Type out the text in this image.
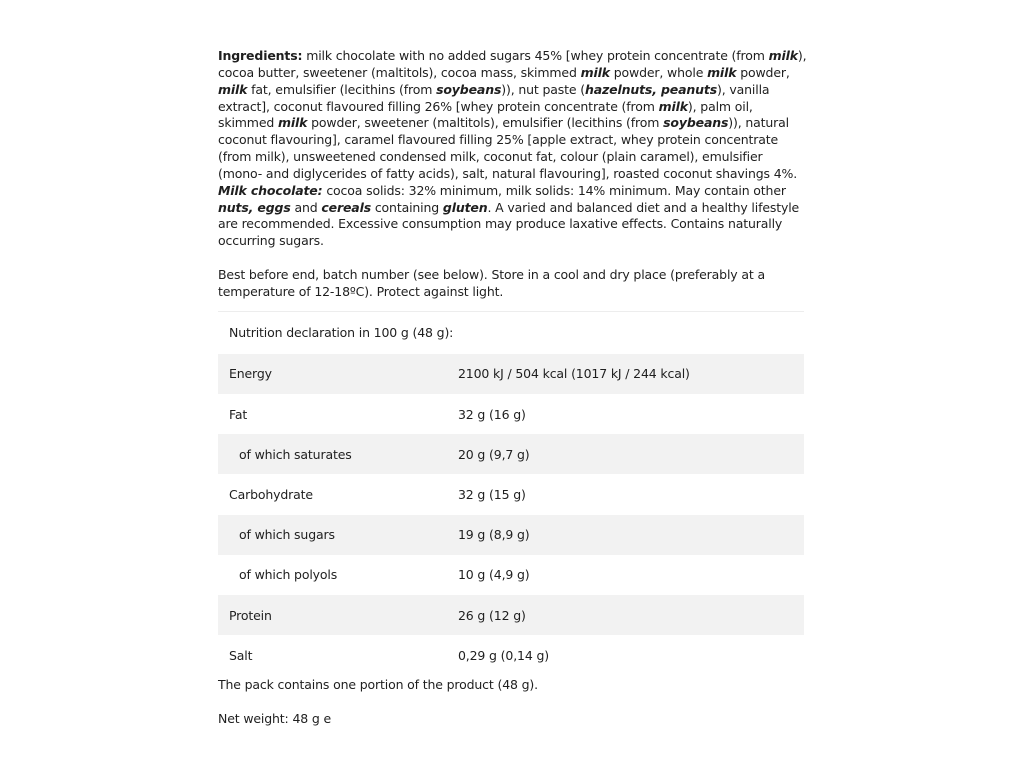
Ingredients: milk chocolate with no added sugars 45% [whey protein concentrate (from milk), cocoa butter, sweetener (maltitols), cocoa mass, skimmed milk powder, whole milk powder, milk fat, emulsifier (lecithins (from soybeans)), nut paste (hazelnuts, peanuts), vanilla extract], coconut flavoured filling 26% [whey protein concentrate (from milk), palm oil, skimmed milk powder, sweetener (maltitols), emulsifier (lecithins (from soybeans)), natural coconut flavouring], caramel flavoured filling 25% [apple extract, whey protein concentrate (from milk), unsweetened condensed milk, coconut fat, colour (plain caramel), emulsifier (mono- and diglycerides of fatty acids), salt, natural flavouring], roasted coconut shavings 4%. Milk chocolate: cocoa solids: 32% minimum, milk solids: 14% minimum. May contain other nuts, eggs and cereals containing gluten. A varied and balanced diet and a healthy lifestyle are recommended. Excessive consumption may produce laxative effects. Contains naturally occurring sugars.

Best before end, batch number (see below). Store in a cool and dry place (preferably at a temperature of 12-18ºC). Protect against light.

Nutrition declaration in 100 g (48 g):
Energy	2100 kJ / 504 kcal (1017 kJ / 244 kcal)
Fat	32 g (16 g)
of which saturates	20 g (9,7 g)
Carbohydrate	32 g (15 g)
of which sugars	19 g (8,9 g)
of which polyols	10 g (4,9 g)
Protein	26 g (12 g)
Salt	0,29 g (0,14 g)

The pack contains one portion of the product (48 g).

Net weight: 48 g e
